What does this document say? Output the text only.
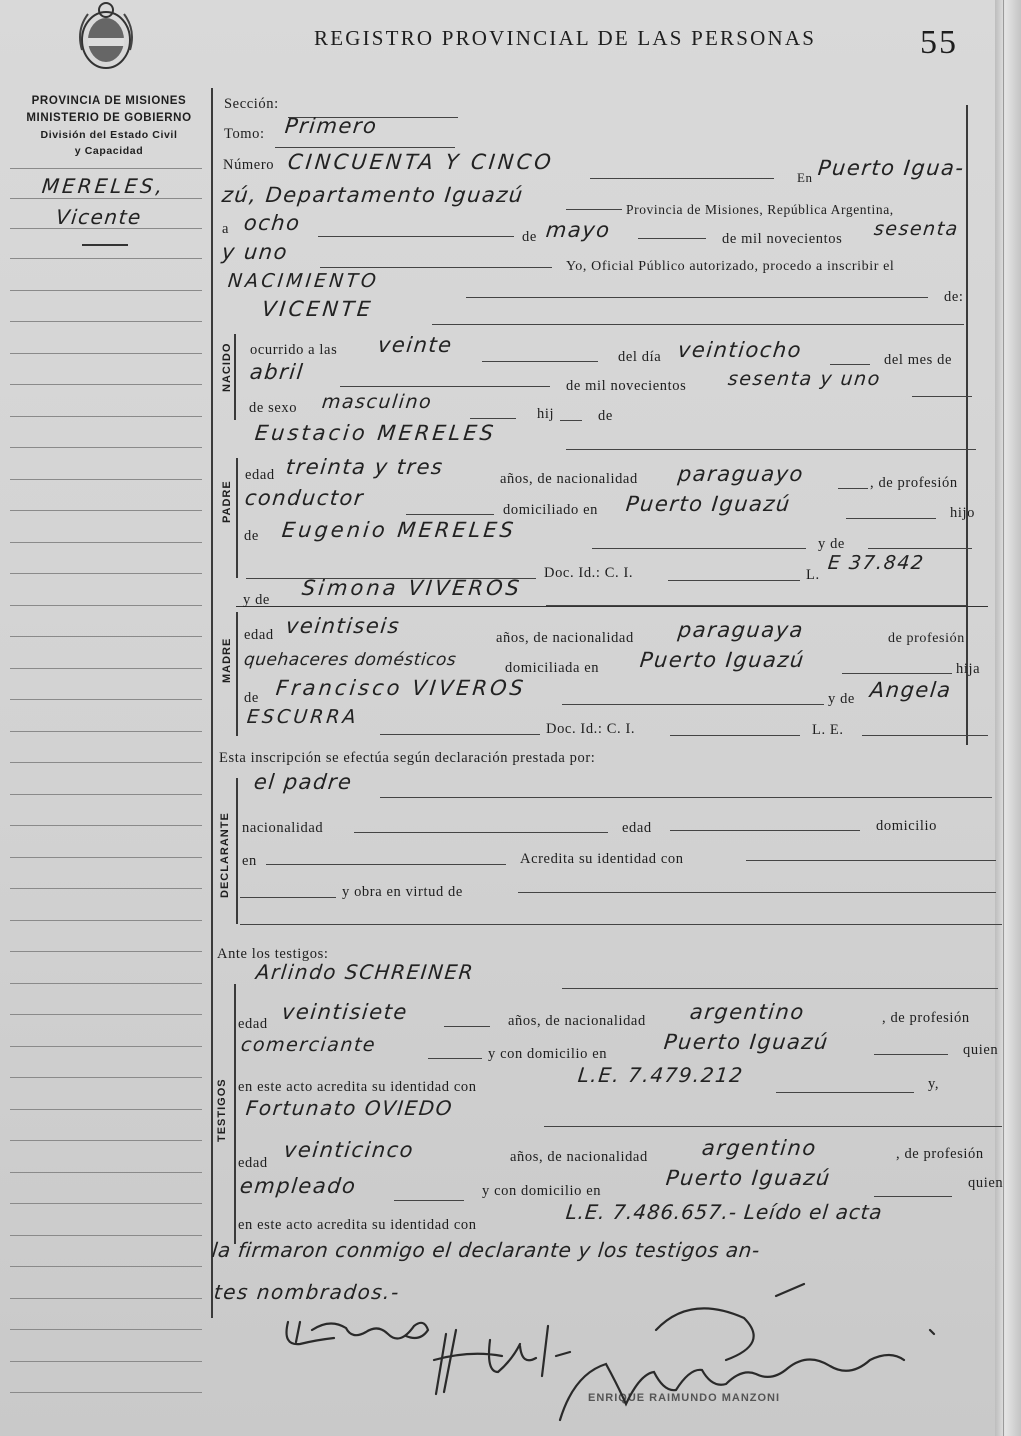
PROVINCIA DE MISIONES
MINISTERIO DE GOBIERNO
División del Estado Civil
y Capacidad
MERELES,
Vicente
REGISTRO PROVINCIAL DE LAS PERSONAS	55
Sección:
Tomo: Primero
Número CINCUENTA Y CINCO
En Puerto Igua-
zú, Departamento Iguazú
Provincia de Misiones, República Argentina,
a ocho
de mayo	de mil novecientos sesenta
y uno
Yo, Oficial Público autorizado, procedo a inscribir el
NACIMIENTO
de:
VICENTE
NACIDO ocurrido a las veinte	del día veintiocho	del mes de
abril
de mil novecientos sesenta y uno
de sexo masculino
hij	de
Eustacio MERELES
PADRE
edad treinta y tres	años, de nacionalidad paraguayo	, de profesión
conductor	domiciliado en Puerto Iguazú	hijo
de Eugenio MERELES
y de
Doc. Id.: C. I.	L.
E 37.842
y de Simona VIVEROS
MADRE
edad veintiseis	años, de nacionalidad paraguaya	de profesión
quehaceres domésticos	domiciliada en Puerto Iguazú	hija
de Francisco VIVEROS	y de Angela
ESCURRA
Doc. Id.: C. I.	L. E.
Esta inscripción se efectúa según declaración prestada por:
DECLARANTE
el padre
nacionalidad	edad	domicilio
en	Acredita su identidad con
y obra en virtud de
Ante los testigos:
TESTIGOS
Arlindo SCHREINER
edad veintisiete	años, de nacionalidad argentino	, de profesión
comerciante	y con domicilio en	Puerto Iguazú	quien
en este acto acredita su identidad con	L.E. 7.479.212	y,
Fortunato OVIEDO
edad
veinticinco	años, de nacionalidad	argentino	, de profesión
empleado	y con domicilio en
Puerto Iguazú	quien
en este acto acredita su identidad con
L.E. 7.486.657.- Leído el acta
la firmaron conmigo el declarante y los testigos an-
tes nombrados.-
ENRIQUE RAIMUNDO MANZONI
